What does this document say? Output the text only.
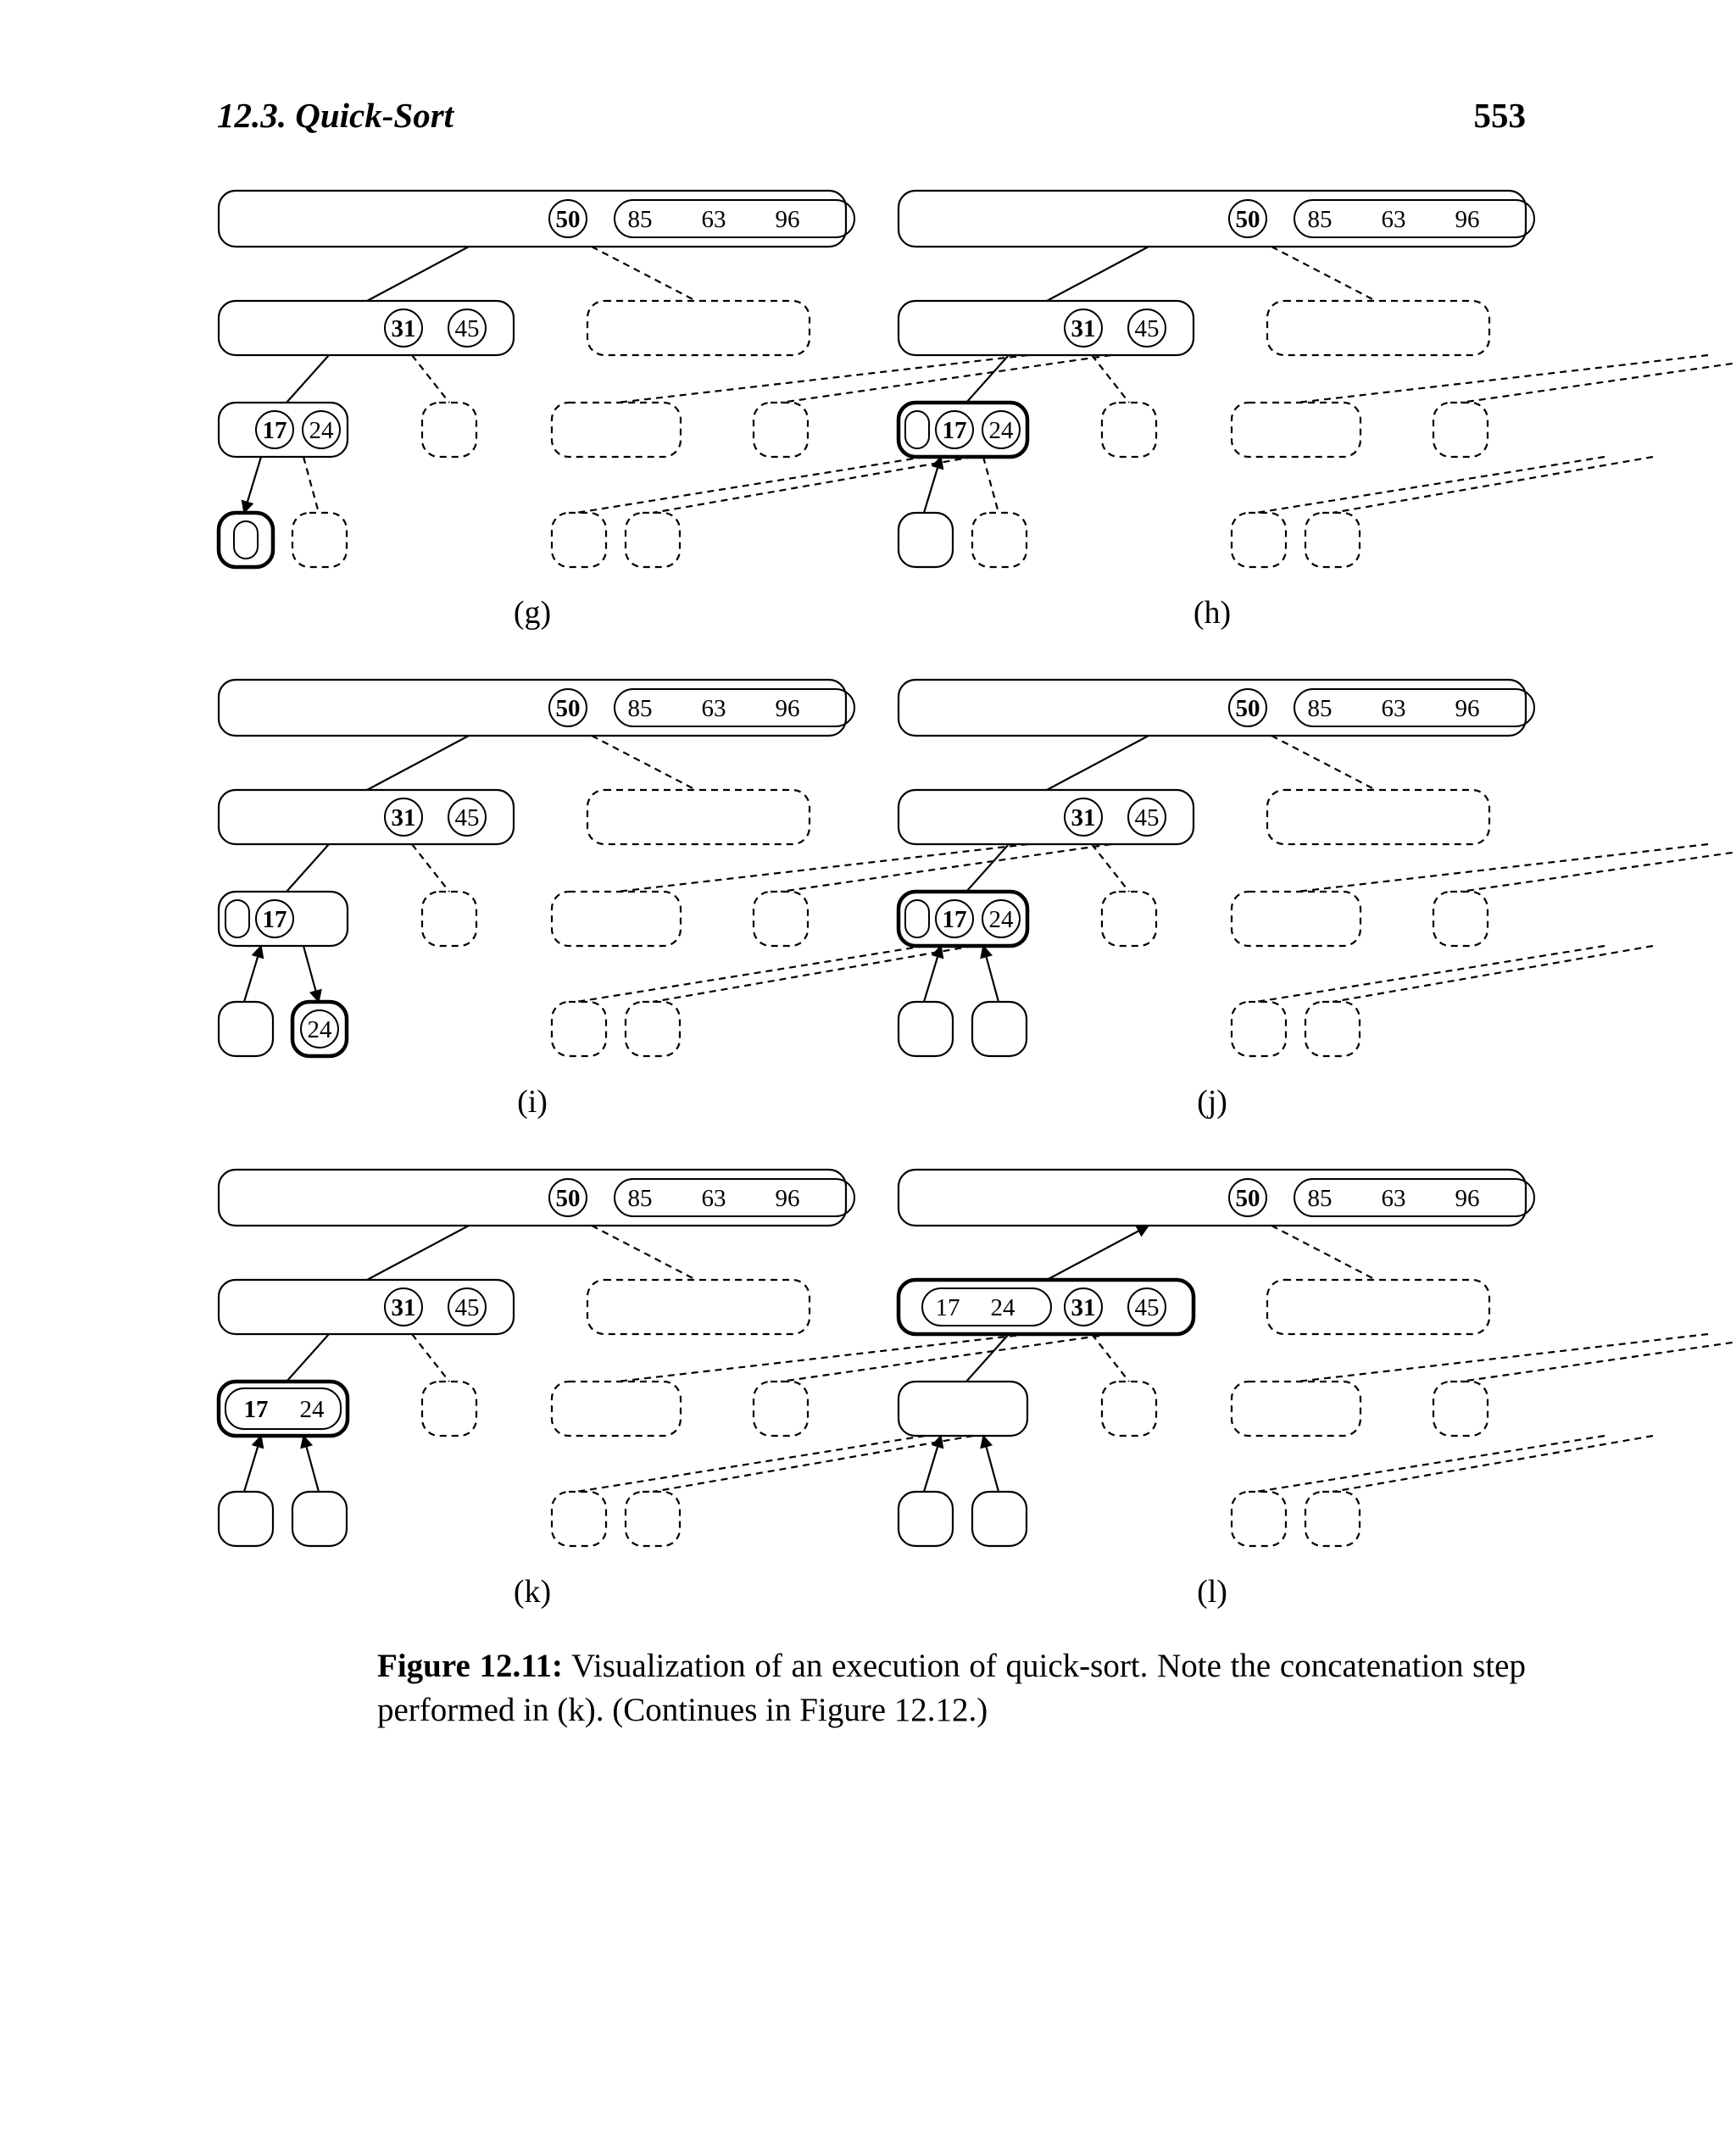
12.3. Quick-Sort	553
50 85 63 96
31 45
17 24
(g)
50 85 63 96
31 45
17 24
(h)
50 85 63 96
31 45
17
24
(i)
50 85 63 96
31 45
17 24
(j)
50 85 63 96
31 45
17 24
(k)
50 85 63 96
17 24 31 45
(l)
Figure 12.11: Visualization of an execution of quick-sort. Note the concatenation step performed in (k). (Continues in Figure 12.12.)
